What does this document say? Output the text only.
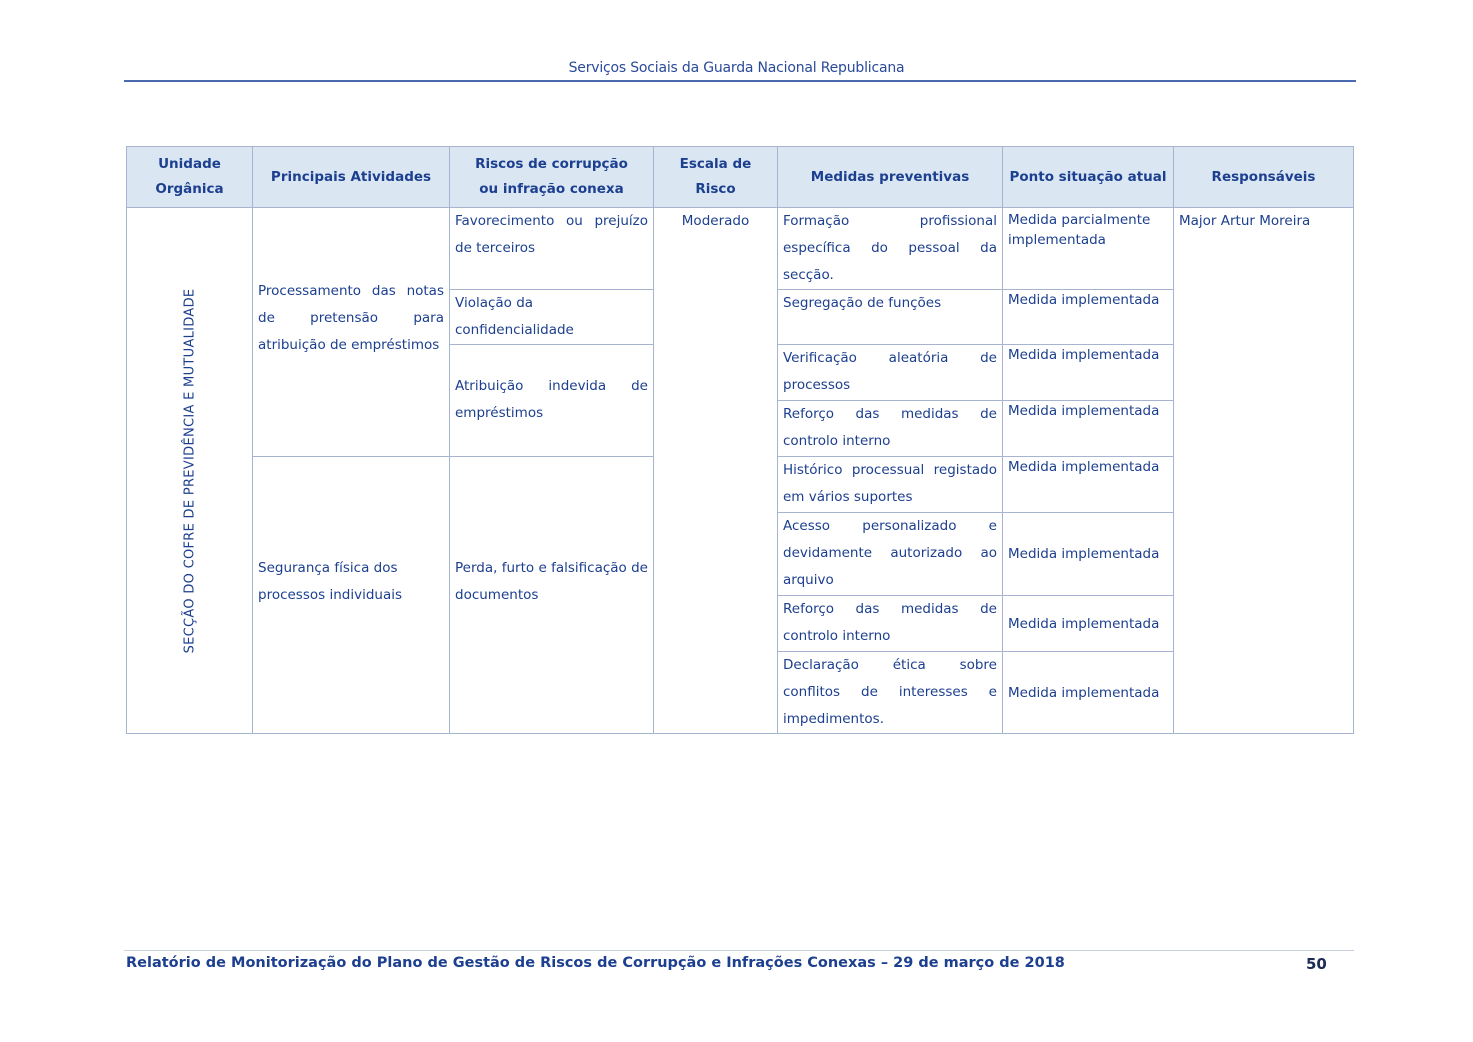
Serviços Sociais da Guarda Nacional Republicana
Unidade Orgânica	Principais Atividades	Riscos de corrupção ou infração conexa	Escala de Risco	Medidas preventivas	Ponto situação atual	Responsáveis

SECÇÃO DO COFRE DE PREVIDÊNCIA E MUTUALIDADE	Processamento das notas de pretensão para atribuição de empréstimos	Favorecimento ou prejuízo de terceiros	Moderado	Formação profissional específica do pessoal da secção.	Medida parcialmente implementada	Major Artur Moreira
		Violação da confidencialidade		Segregação de funções	Medida implementada	

		Atribuição indevida de empréstimos		Verificação aleatória de processos	Medida implementada	

				Reforço das medidas de controlo interno	Medida implementada	

	Segurança física dos processos individuais	Perda, furto e falsificação de documentos		Histórico processual registado em vários suportes	Medida implementada	

				Acesso personalizado e devidamente autorizado ao arquivo	Medida implementada	

				Reforço das medidas de controlo interno	Medida implementada	

				Declaração ética sobre conflitos de interesses e impedimentos.	Medida implementada	
Relatório de Monitorização do Plano de Gestão de Riscos de Corrupção e Infrações Conexas – 29 de março de 2018	50
